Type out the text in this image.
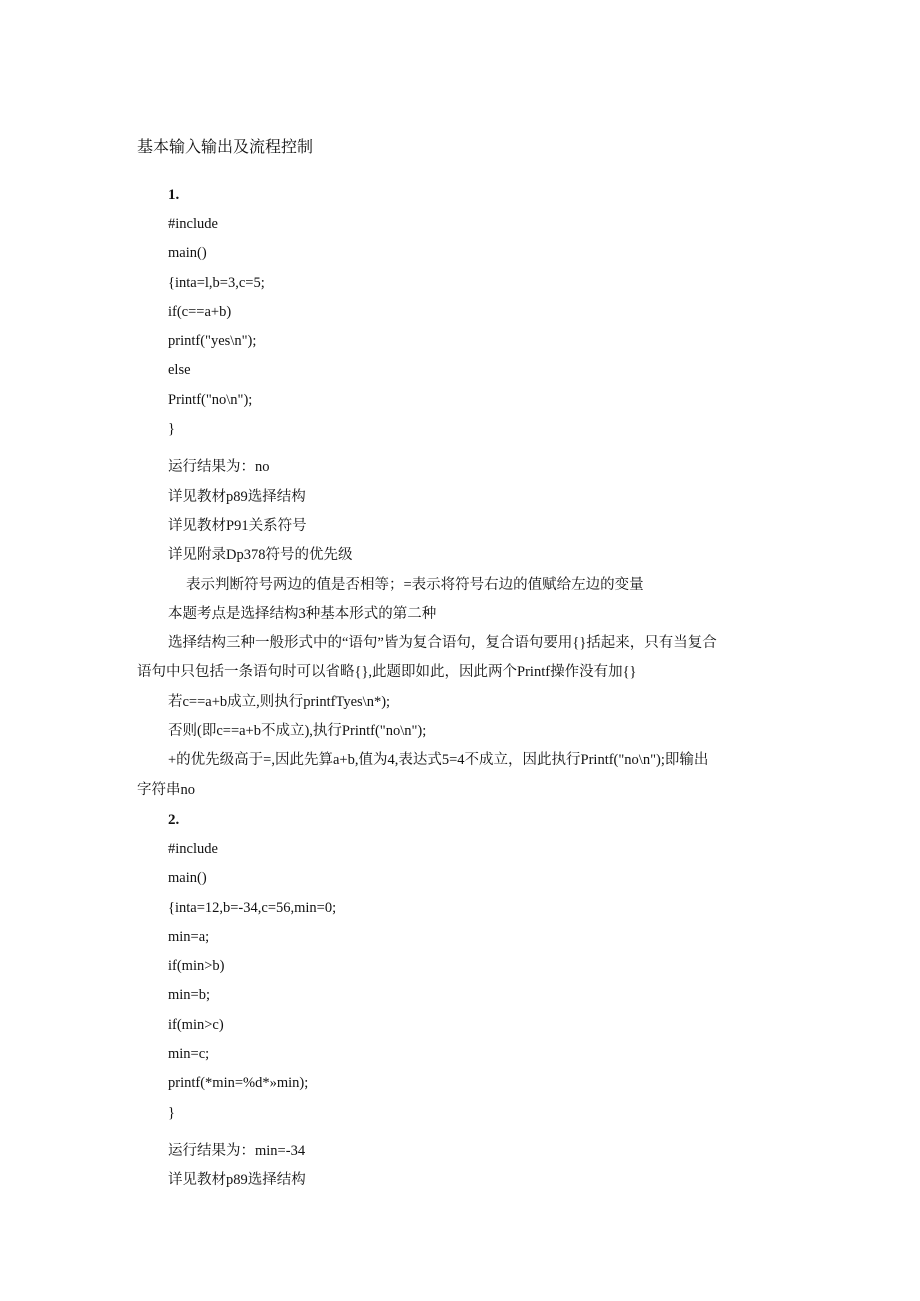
基本输入输出及流程控制
1.
#include
main()
{inta=l,b=3,c=5;
if(c==a+b)
printf("yes\n");
else
Printf("no\n");
}
运行结果为：no
详见教材p89选择结构
详见教材P91关系符号
详见附录Dp378符号的优先级
表示判断符号两边的值是否相等；=表示将符号右边的值赋给左边的变量
本题考点是选择结构3种基本形式的第二种
选择结构三种一般形式中的“语句”皆为复合语句，复合语句要用{}括起来，只有当复合
语句中只包括一条语句时可以省略{},此题即如此，因此两个Printf操作没有加{}
若c==a+b成立,则执行printfTyes\n*);
否则(即c==a+b不成立),执行Printf("no\n");
+的优先级高于=,因此先算a+b,值为4,表达式5=4不成立，因此执行Printf("no\n");即输出
字符串no
2.
#include
main()
{inta=12,b=-34,c=56,min=0;
min=a;
if(min>b)
min=b;
if(min>c)
min=c;
printf(*min=%d*»min);
}
运行结果为：min=-34
详见教材p89选择结构
